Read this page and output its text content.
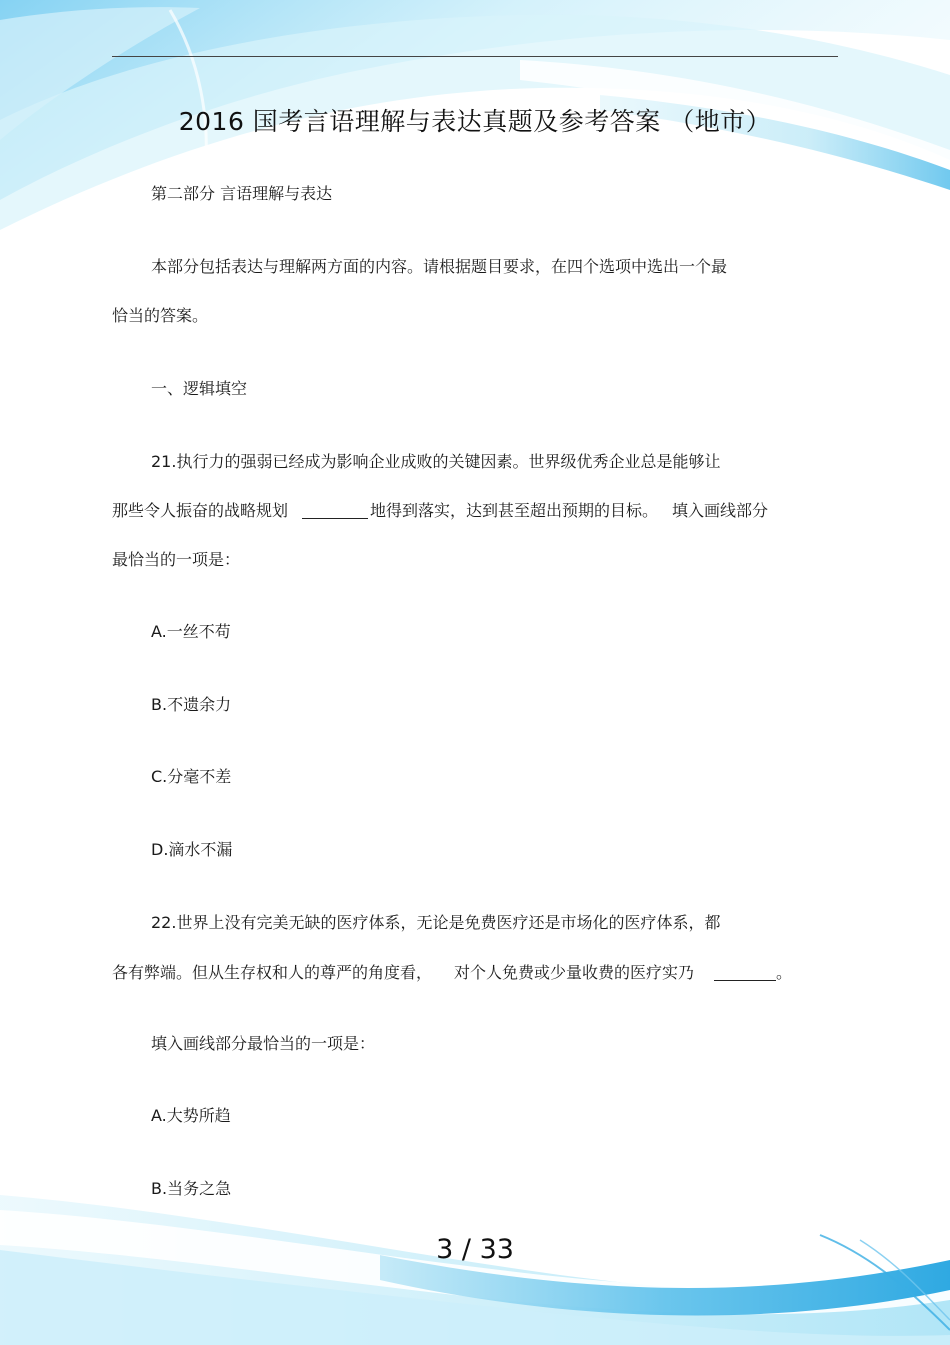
2016 国考言语理解与表达真题及参考答案 （地市）
第二部分 言语理解与表达
本部分包括表达与理解两方面的内容。请根据题目要求，在四个选项中选出一个最
恰当的答案。
一、逻辑填空
21.执行力的强弱已经成为影响企业成败的关键因素。世界级优秀企业总是能够让
那些令人振奋的战略规划	地得到落实，达到甚至超出预期的目标。 填入画线部分
最恰当的一项是：
A.一丝不苟
B.不遗余力
C.分毫不差
D.滴水不漏
22.世界上没有完美无缺的医疗体系，无论是免费医疗还是市场化的医疗体系，都
各有弊端。但从生存权和人的尊严的角度看， 对个人免费或少量收费的医疗实乃	。
填入画线部分最恰当的一项是：
A.大势所趋
B.当务之急
3 / 33
